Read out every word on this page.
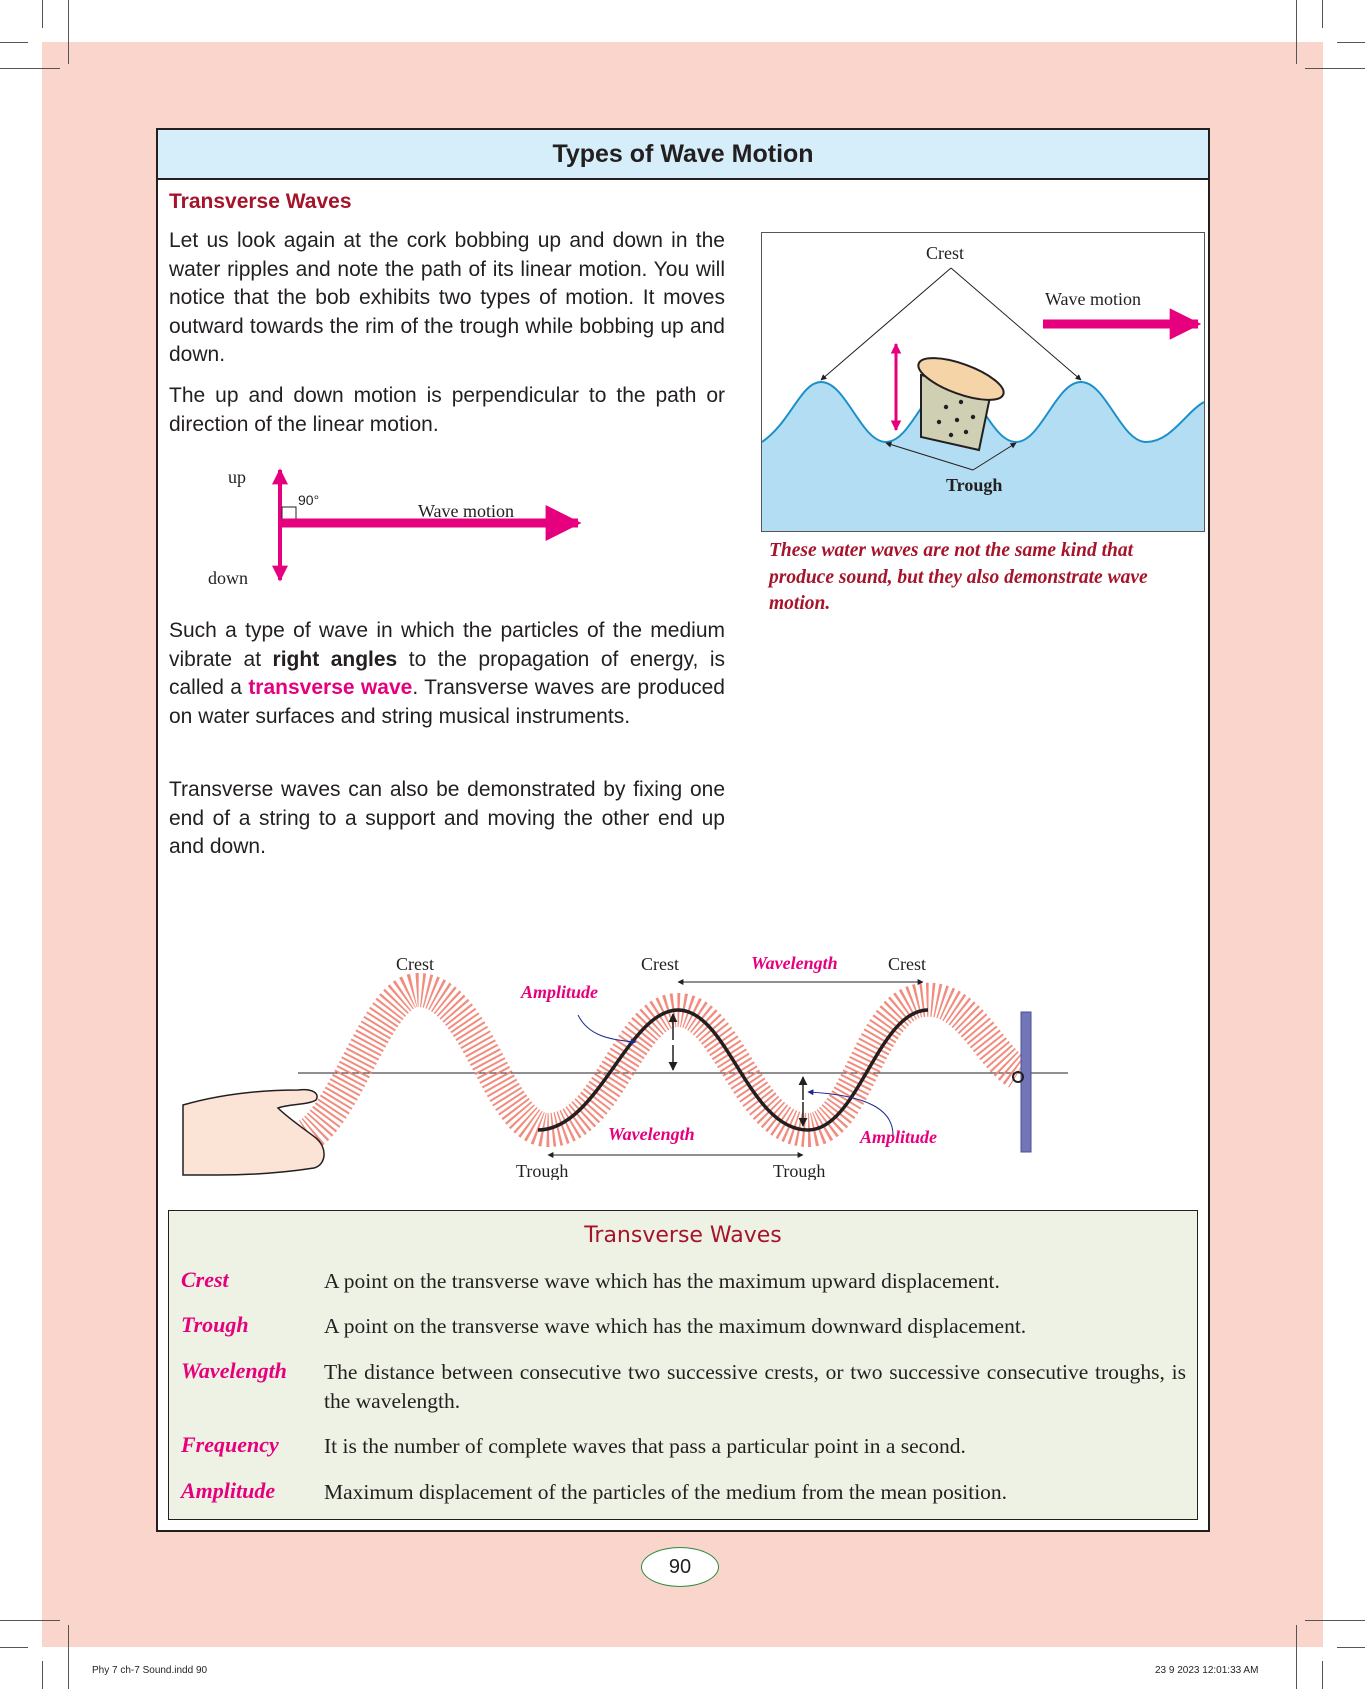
Types of Wave Motion
Transverse Waves

Let us look again at the cork bobbing up and down in the water ripples and note the path of its linear motion. You will notice that the bob exhibits two types of motion. It moves outward towards the rim of the trough while bobbing up and down.

The up and down motion is perpendicular to the path or direction of the linear motion.

up
90°
Wave motion
down

Such a type of wave in which the particles of the medium vibrate at right angles to the propagation of energy, is called a transverse wave. Transverse waves are produced on water surfaces and string musical instruments.

Transverse waves can also be demonstrated by fixing one end of a string to a support and moving the other end up and down.

Crest
Wave motion
Trough

These water waves are not the same kind that produce sound, but they also demonstrate wave motion.

Crest	Crest	Crest
Wavelength
Amplitude
Wavelength	Amplitude
Trough	Trough
Transverse Waves
Crest	A point on the transverse wave which has the maximum upward displacement.

Trough	A point on the transverse wave which has the maximum downward displacement.

Wavelength The distance between consecutive two successive crests, or two successive consecutive troughs, is the wavelength.

Frequency It is the number of complete waves that pass a particular point in a second.

Amplitude Maximum displacement of the particles of the medium from the mean position.

90
Phy 7 ch-7 Sound.indd 90	23 9 2023 12:01:33 AM
